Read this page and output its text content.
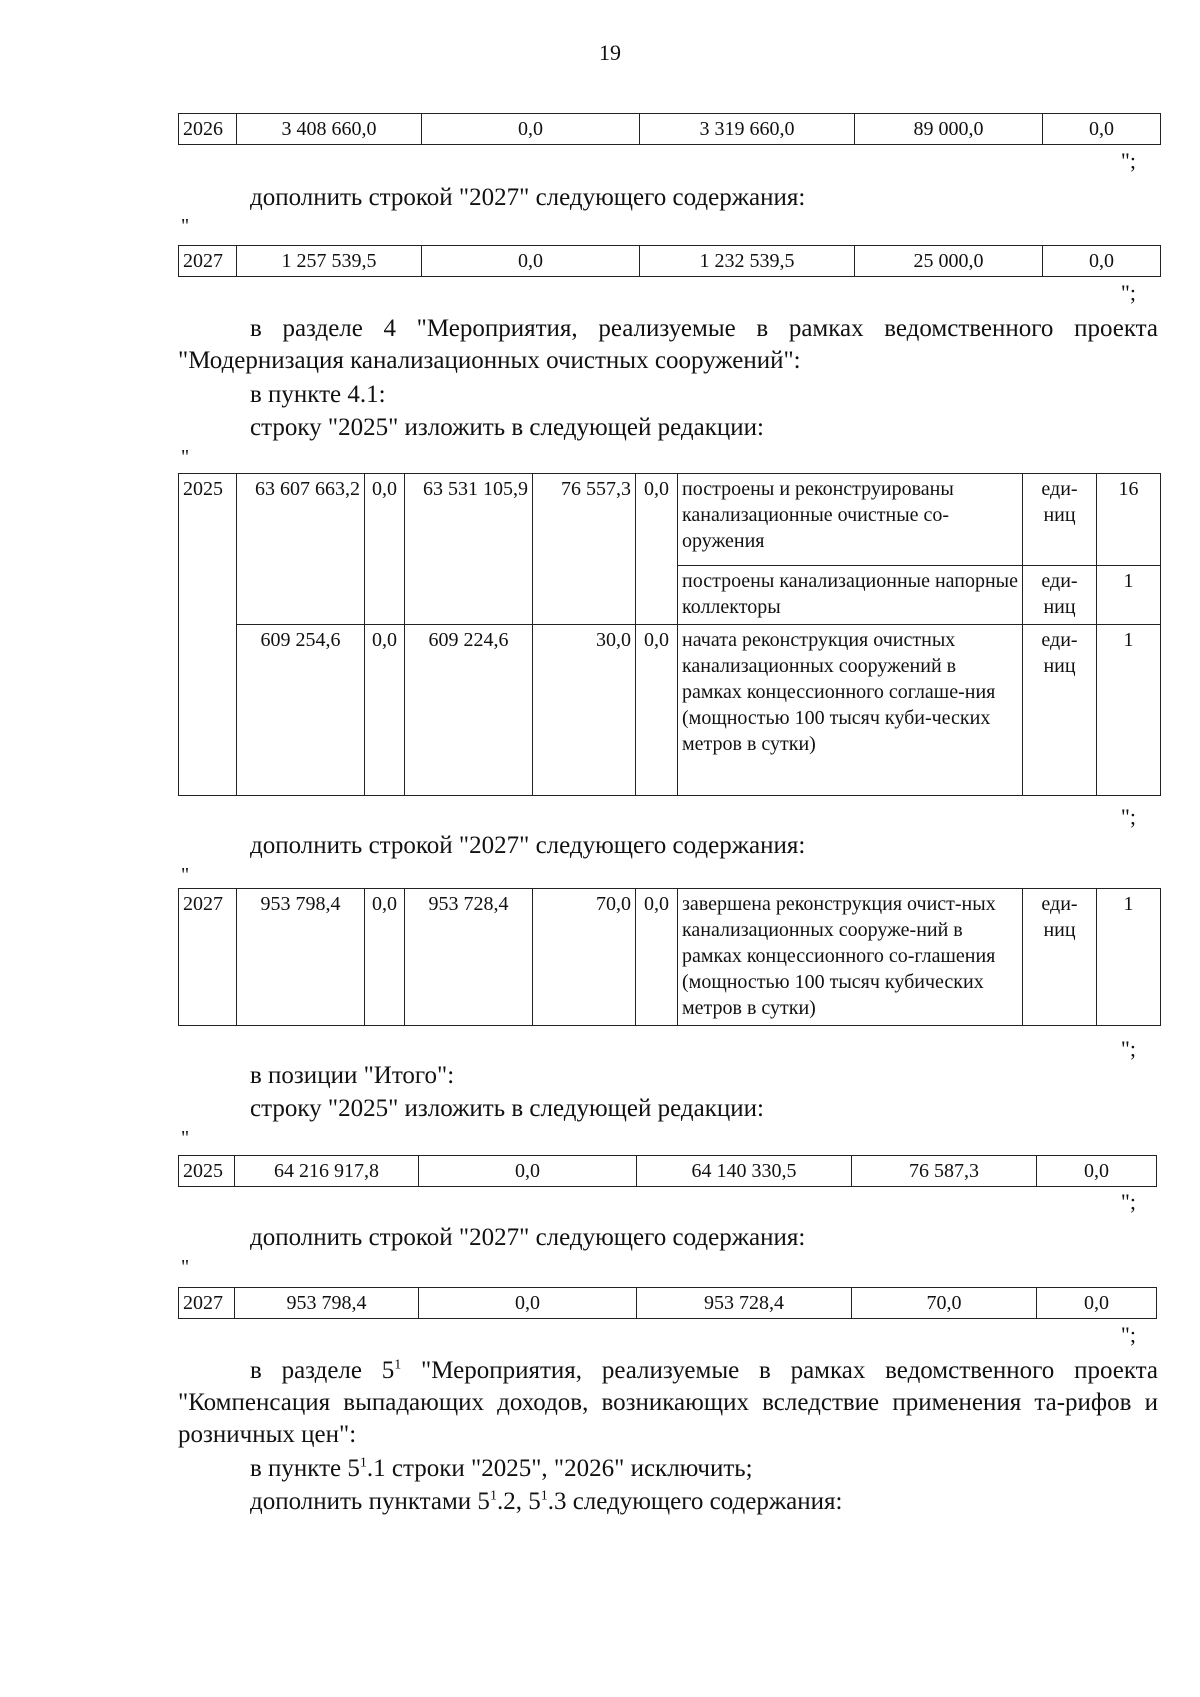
19
2026	3 408 660,0	0,0	3 319 660,0	89 000,0	0,0
";
дополнить строкой "2027" следующего содержания:
"
2027	1 257 539,5	0,0	1 232 539,5	25 000,0	0,0
";
в разделе 4 "Мероприятия, реализуемые в рамках ведомственного проекта "Модернизация канализационных очистных сооружений":
в пункте 4.1:
строку "2025" изложить в следующей редакции:
"
2025	63 607 663,2	0,0	63 531 105,9	76 557,3	0,0	построены и реконструированы канализационные очистные со-оружения	еди-ниц	16
						построены канализационные напорные коллекторы	еди-ниц	1
	609 254,6	0,0	609 224,6	30,0	0,0	начата реконструкция очистных канализационных сооружений в рамках концессионного соглаше-ния (мощностью 100 тысяч куби-ческих метров в сутки)	еди-ниц	1
";
дополнить строкой "2027" следующего содержания:
"
2027	953 798,4	0,0	953 728,4	70,0	0,0	завершена реконструкция очист-ных канализационных сооруже-ний в рамках концессионного со-глашения (мощностью 100 тысяч кубических метров в сутки)	еди-ниц	1
";
в позиции "Итого":
строку "2025" изложить в следующей редакции:
"
2025	64 216 917,8	0,0	64 140 330,5	76 587,3	0,0
";
дополнить строкой "2027" следующего содержания:
"
2027	953 798,4	0,0	953 728,4	70,0	0,0
";
в разделе $5^1$ "Мероприятия, реализуемые в рамках ведомственного проекта "Компенсация выпадающих доходов, возникающих вследствие применения та-рифов и розничных цен":
в пункте $5^1.1$ строки "2025", "2026" исключить;
дополнить пунктами $5^1.2$, $5^1.3$ следующего содержания:
